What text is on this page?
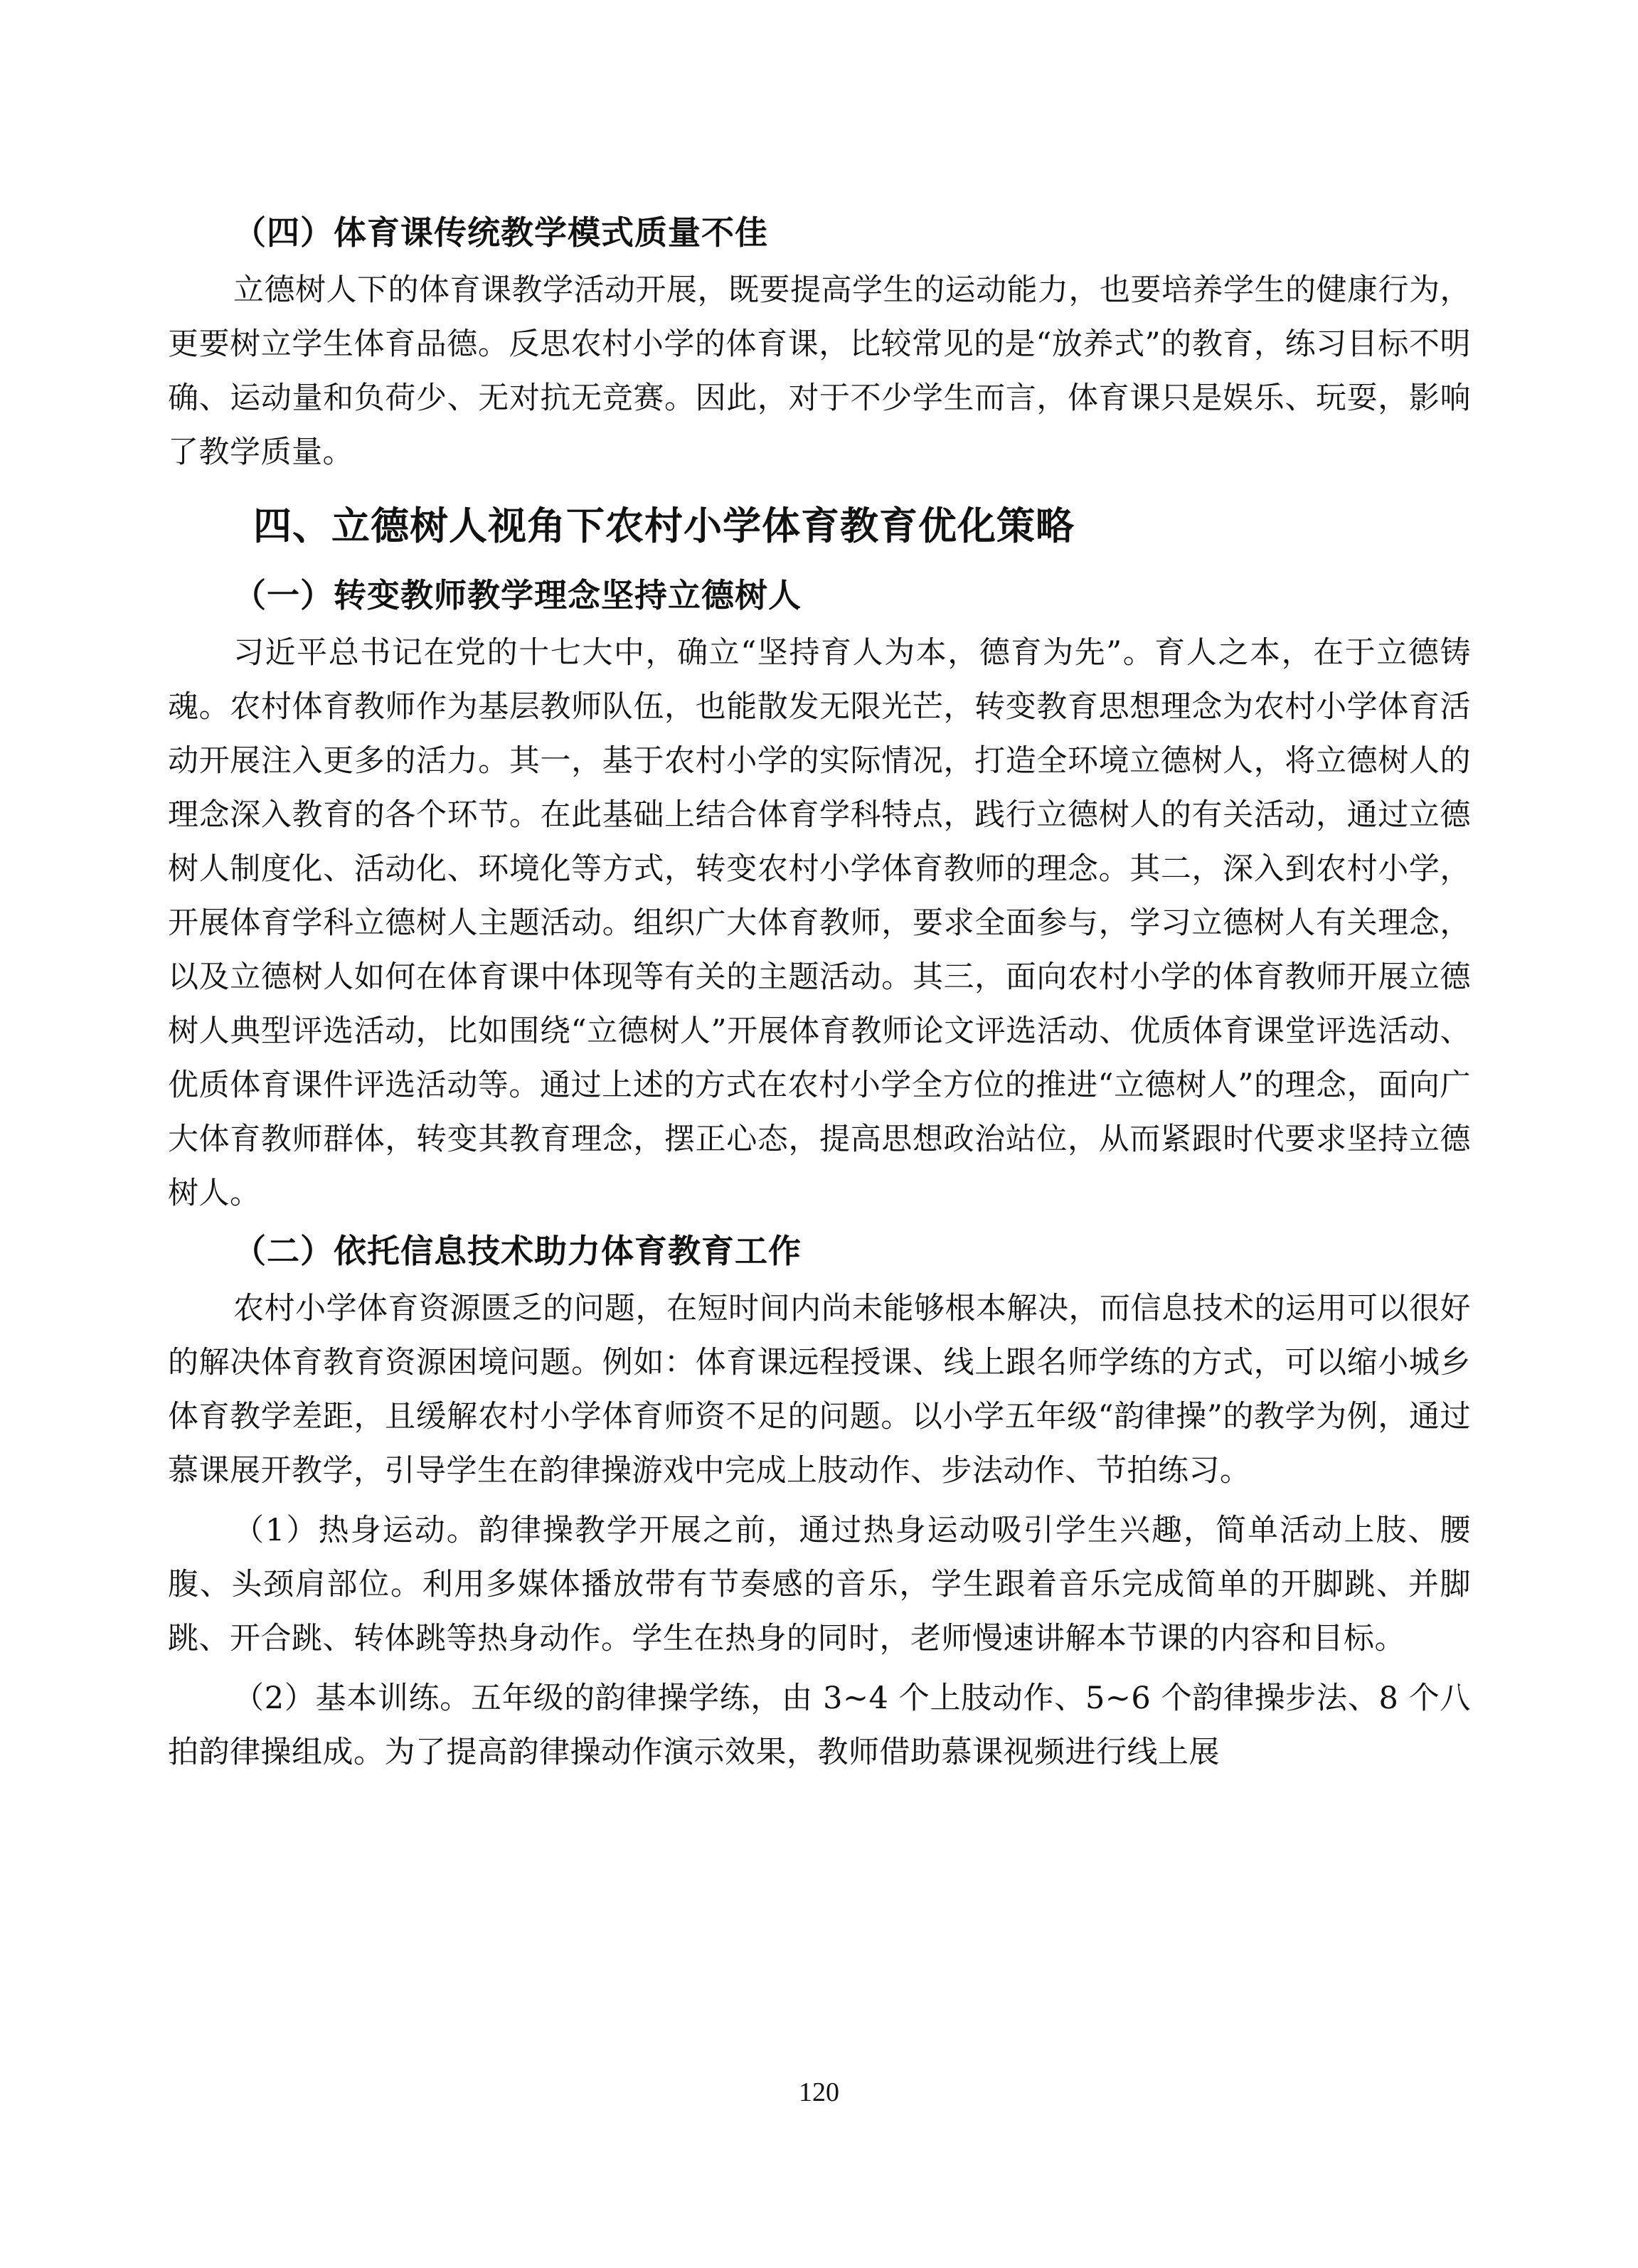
（四）体育课传统教学模式质量不佳

立德树人下的体育课教学活动开展，既要提高学生的运动能力，也要培养学生的健康行为，更要树立学生体育品德。反思农村小学的体育课，比较常见的是“放养式”的教育，练习目标不明确、运动量和负荷少、无对抗无竞赛。因此，对于不少学生而言，体育课只是娱乐、玩耍，影响了教学质量。

四、立德树人视角下农村小学体育教育优化策略
（一）转变教师教学理念坚持立德树人

习近平总书记在党的十七大中，确立“坚持育人为本，德育为先”。育人之本，在于立德铸魂。农村体育教师作为基层教师队伍，也能散发无限光芒，转变教育思想理念为农村小学体育活动开展注入更多的活力。其一，基于农村小学的实际情况，打造全环境立德树人，将立德树人的理念深入教育的各个环节。在此基础上结合体育学科特点，践行立德树人的有关活动，通过立德树人制度化、活动化、环境化等方式，转变农村小学体育教师的理念。其二，深入到农村小学，开展体育学科立德树人主题活动。组织广大体育教师，要求全面参与，学习立德树人有关理念，以及立德树人如何在体育课中体现等有关的主题活动。其三，面向农村小学的体育教师开展立德树人典型评选活动，比如围绕“立德树人”开展体育教师论文评选活动、优质体育课堂评选活动、优质体育课件评选活动等。通过上述的方式在农村小学全方位的推进“立德树人”的理念，面向广大体育教师群体，转变其教育理念，摆正心态，提高思想政治站位，从而紧跟时代要求坚持立德树人。

（二）依托信息技术助力体育教育工作

农村小学体育资源匮乏的问题，在短时间内尚未能够根本解决，而信息技术的运用可以很好的解决体育教育资源困境问题。例如：体育课远程授课、线上跟名师学练的方式，可以缩小城乡体育教学差距，且缓解农村小学体育师资不足的问题。以小学五年级“韵律操”的教学为例，通过慕课展开教学，引导学生在韵律操游戏中完成上肢动作、步法动作、节拍练习。

（1）热身运动。韵律操教学开展之前，通过热身运动吸引学生兴趣，简单活动上肢、腰腹、头颈肩部位。利用多媒体播放带有节奏感的音乐，学生跟着音乐完成简单的开脚跳、并脚跳、开合跳、转体跳等热身动作。学生在热身的同时，老师慢速讲解本节课的内容和目标。

（2）基本训练。五年级的韵律操学练，由 3~4 个上肢动作、5~6 个韵律操步法、8 个八拍韵律操组成。为了提高韵律操动作演示效果，教师借助慕课视频进行线上展

120
